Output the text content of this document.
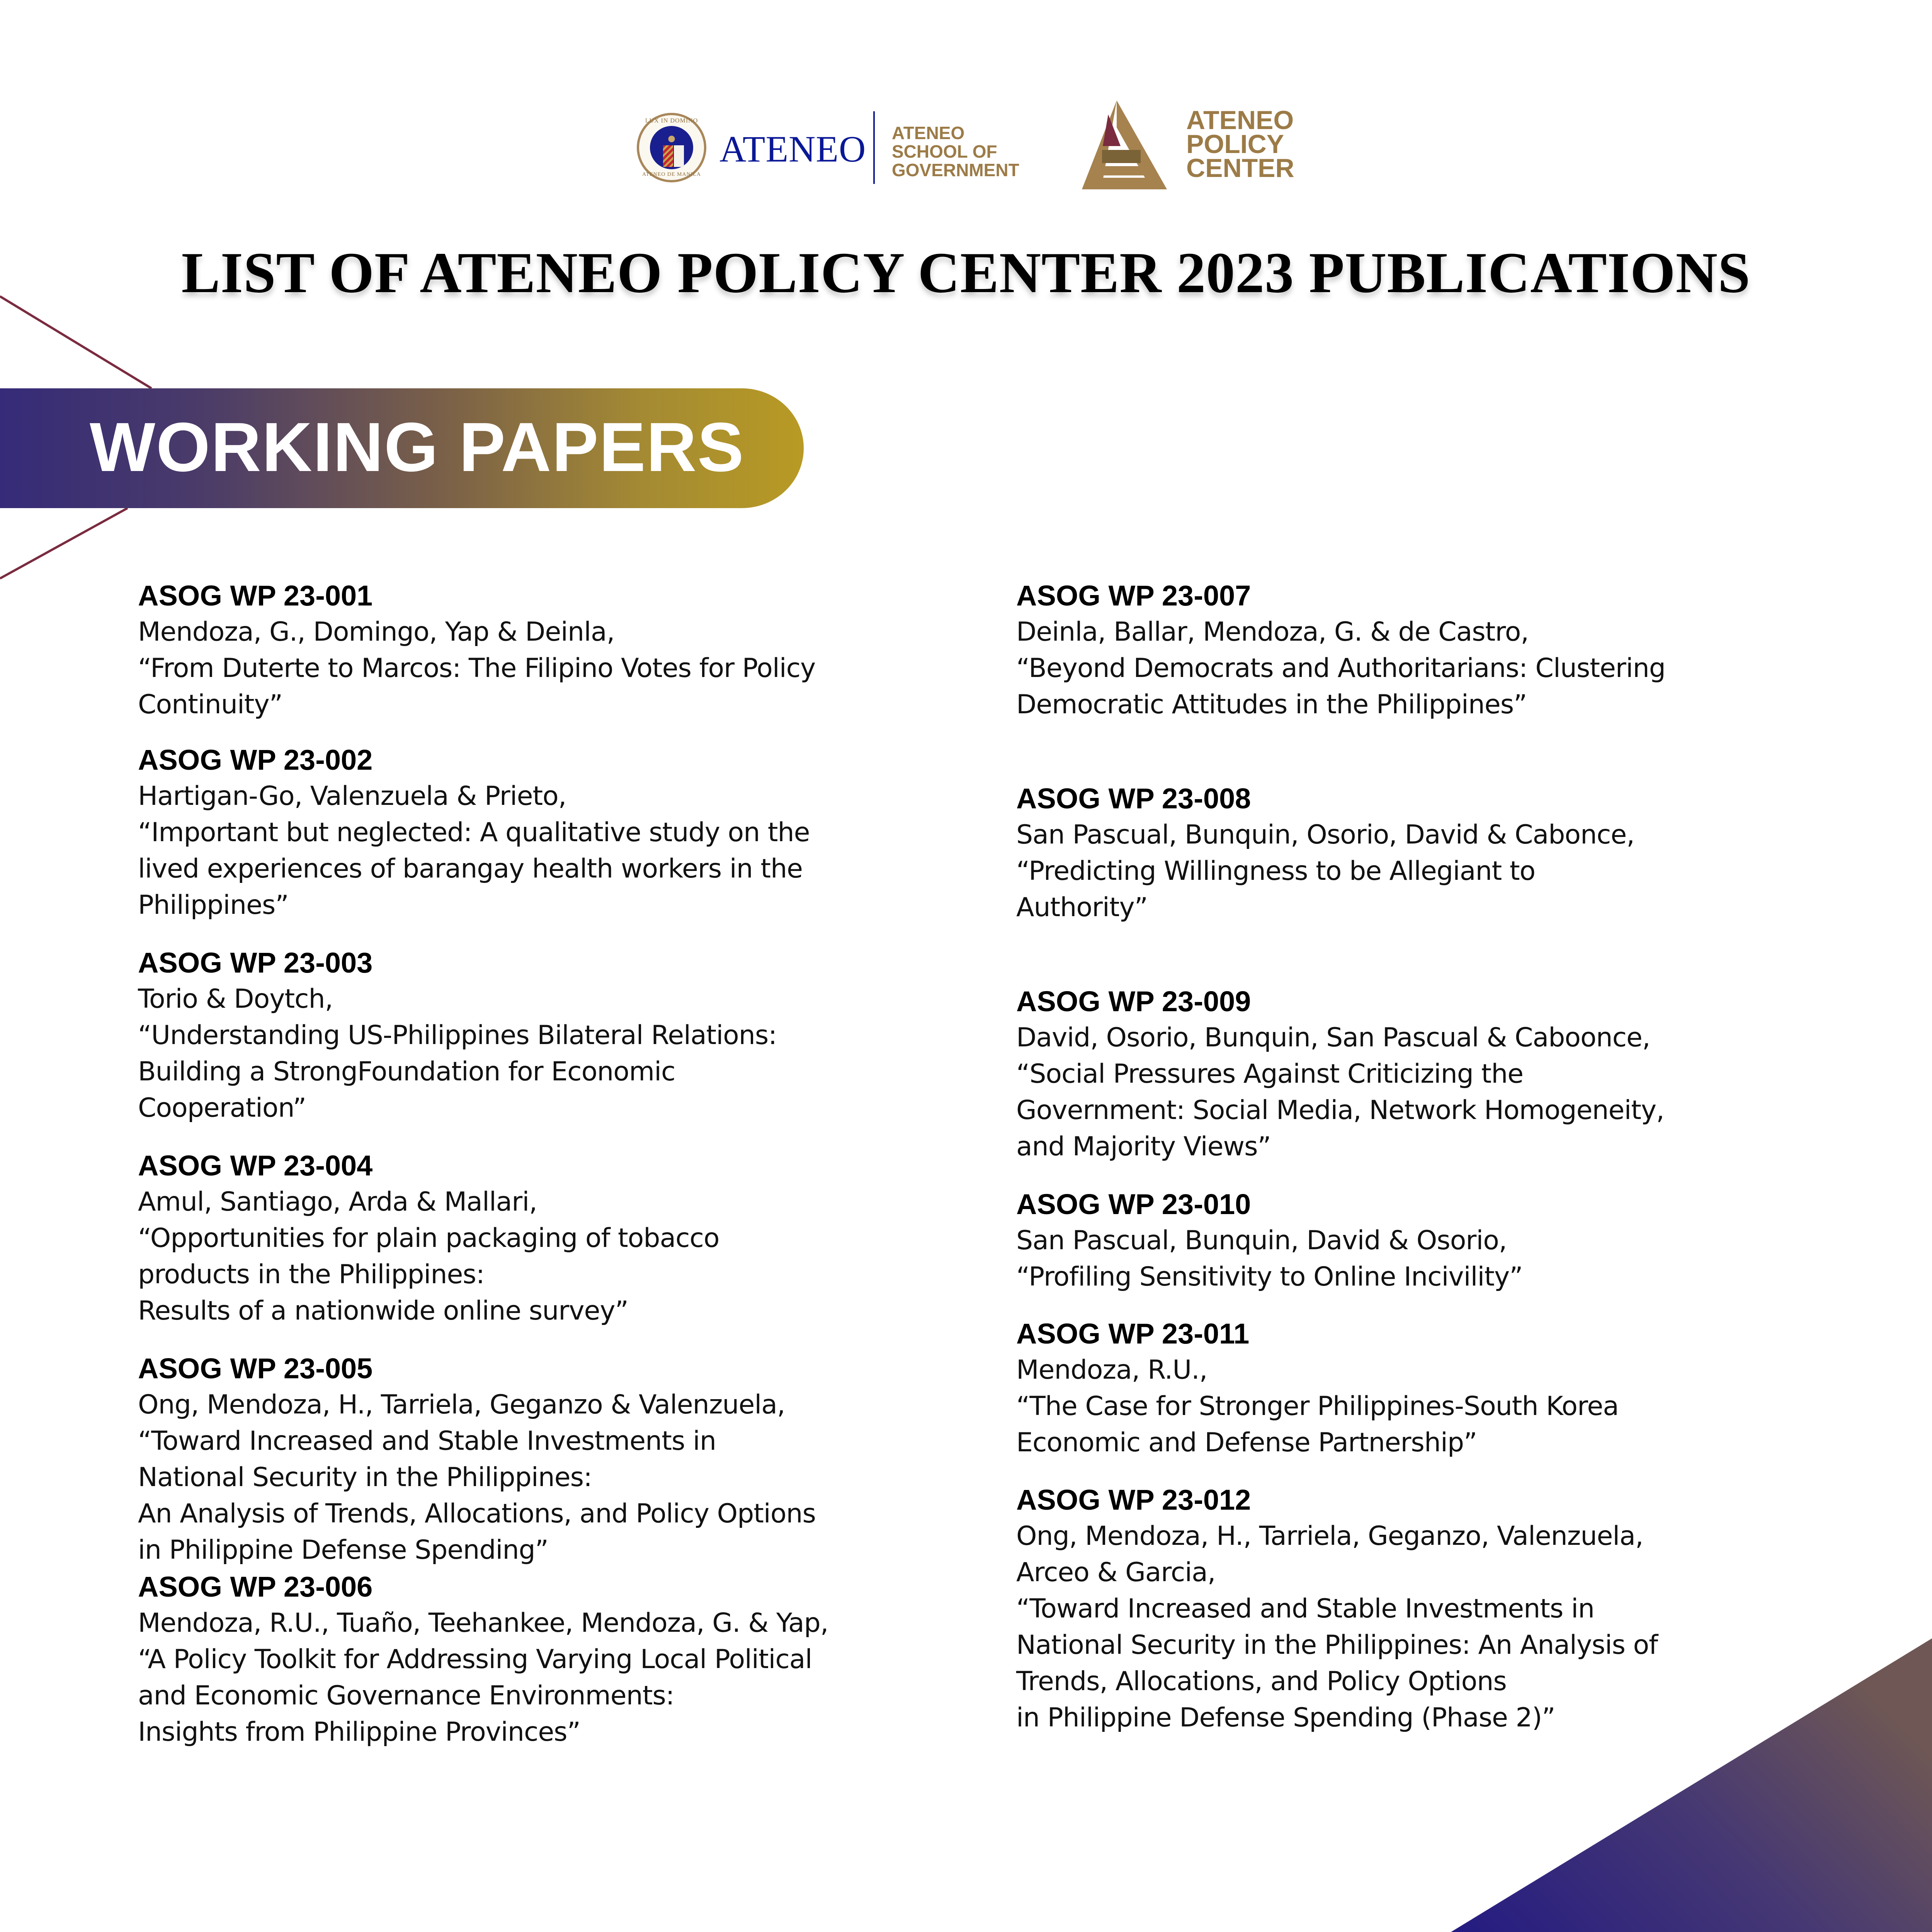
LUX IN DOMINO
ATENEO DE MANILA
ATENEO ATENEO
SCHOOL OF
GOVERNMENT
ATENEO
POLICY
CENTER
LIST OF ATENEO POLICY CENTER 2023 PUBLICATIONS
WORKING PAPERS
ASOG WP 23-001
Mendoza, G., Domingo, Yap & Deinla,
“From Duterte to Marcos: The Filipino Votes for Policy
Continuity”
ASOG WP 23-002
Hartigan-Go, Valenzuela & Prieto,
“Important but neglected: A qualitative study on the
lived experiences of barangay health workers in the
Philippines”
ASOG WP 23-003
Torio & Doytch,
“Understanding US-Philippines Bilateral Relations:
Building a StrongFoundation for Economic
Cooperation”
ASOG WP 23-004
Amul, Santiago, Arda & Mallari,
“Opportunities for plain packaging of tobacco
products in the Philippines:
Results of a nationwide online survey”
ASOG WP 23-005
Ong, Mendoza, H., Tarriela, Geganzo & Valenzuela,
“Toward Increased and Stable Investments in
National Security in the Philippines:
An Analysis of Trends, Allocations, and Policy Options
in Philippine Defense Spending”
ASOG WP 23-006
Mendoza, R.U., Tuaño, Teehankee, Mendoza, G. & Yap,
“A Policy Toolkit for Addressing Varying Local Political
and Economic Governance Environments:
Insights from Philippine Provinces”
ASOG WP 23-007
Deinla, Ballar, Mendoza, G. & de Castro,
“Beyond Democrats and Authoritarians: Clustering
Democratic Attitudes in the Philippines”
ASOG WP 23-008
San Pascual, Bunquin, Osorio, David & Cabonce,
“Predicting Willingness to be Allegiant to
Authority”
ASOG WP 23-009
David, Osorio, Bunquin, San Pascual & Caboonce,
“Social Pressures Against Criticizing the
Government: Social Media, Network Homogeneity,
and Majority Views”
ASOG WP 23-010
San Pascual, Bunquin, David & Osorio,
“Profiling Sensitivity to Online Incivility”
ASOG WP 23-011
Mendoza, R.U.,
“The Case for Stronger Philippines-South Korea
Economic and Defense Partnership”
ASOG WP 23-012
Ong, Mendoza, H., Tarriela, Geganzo, Valenzuela,
Arceo & Garcia,
“Toward Increased and Stable Investments in
National Security in the Philippines: An Analysis of
Trends, Allocations, and Policy Options
in Philippine Defense Spending (Phase 2)”
